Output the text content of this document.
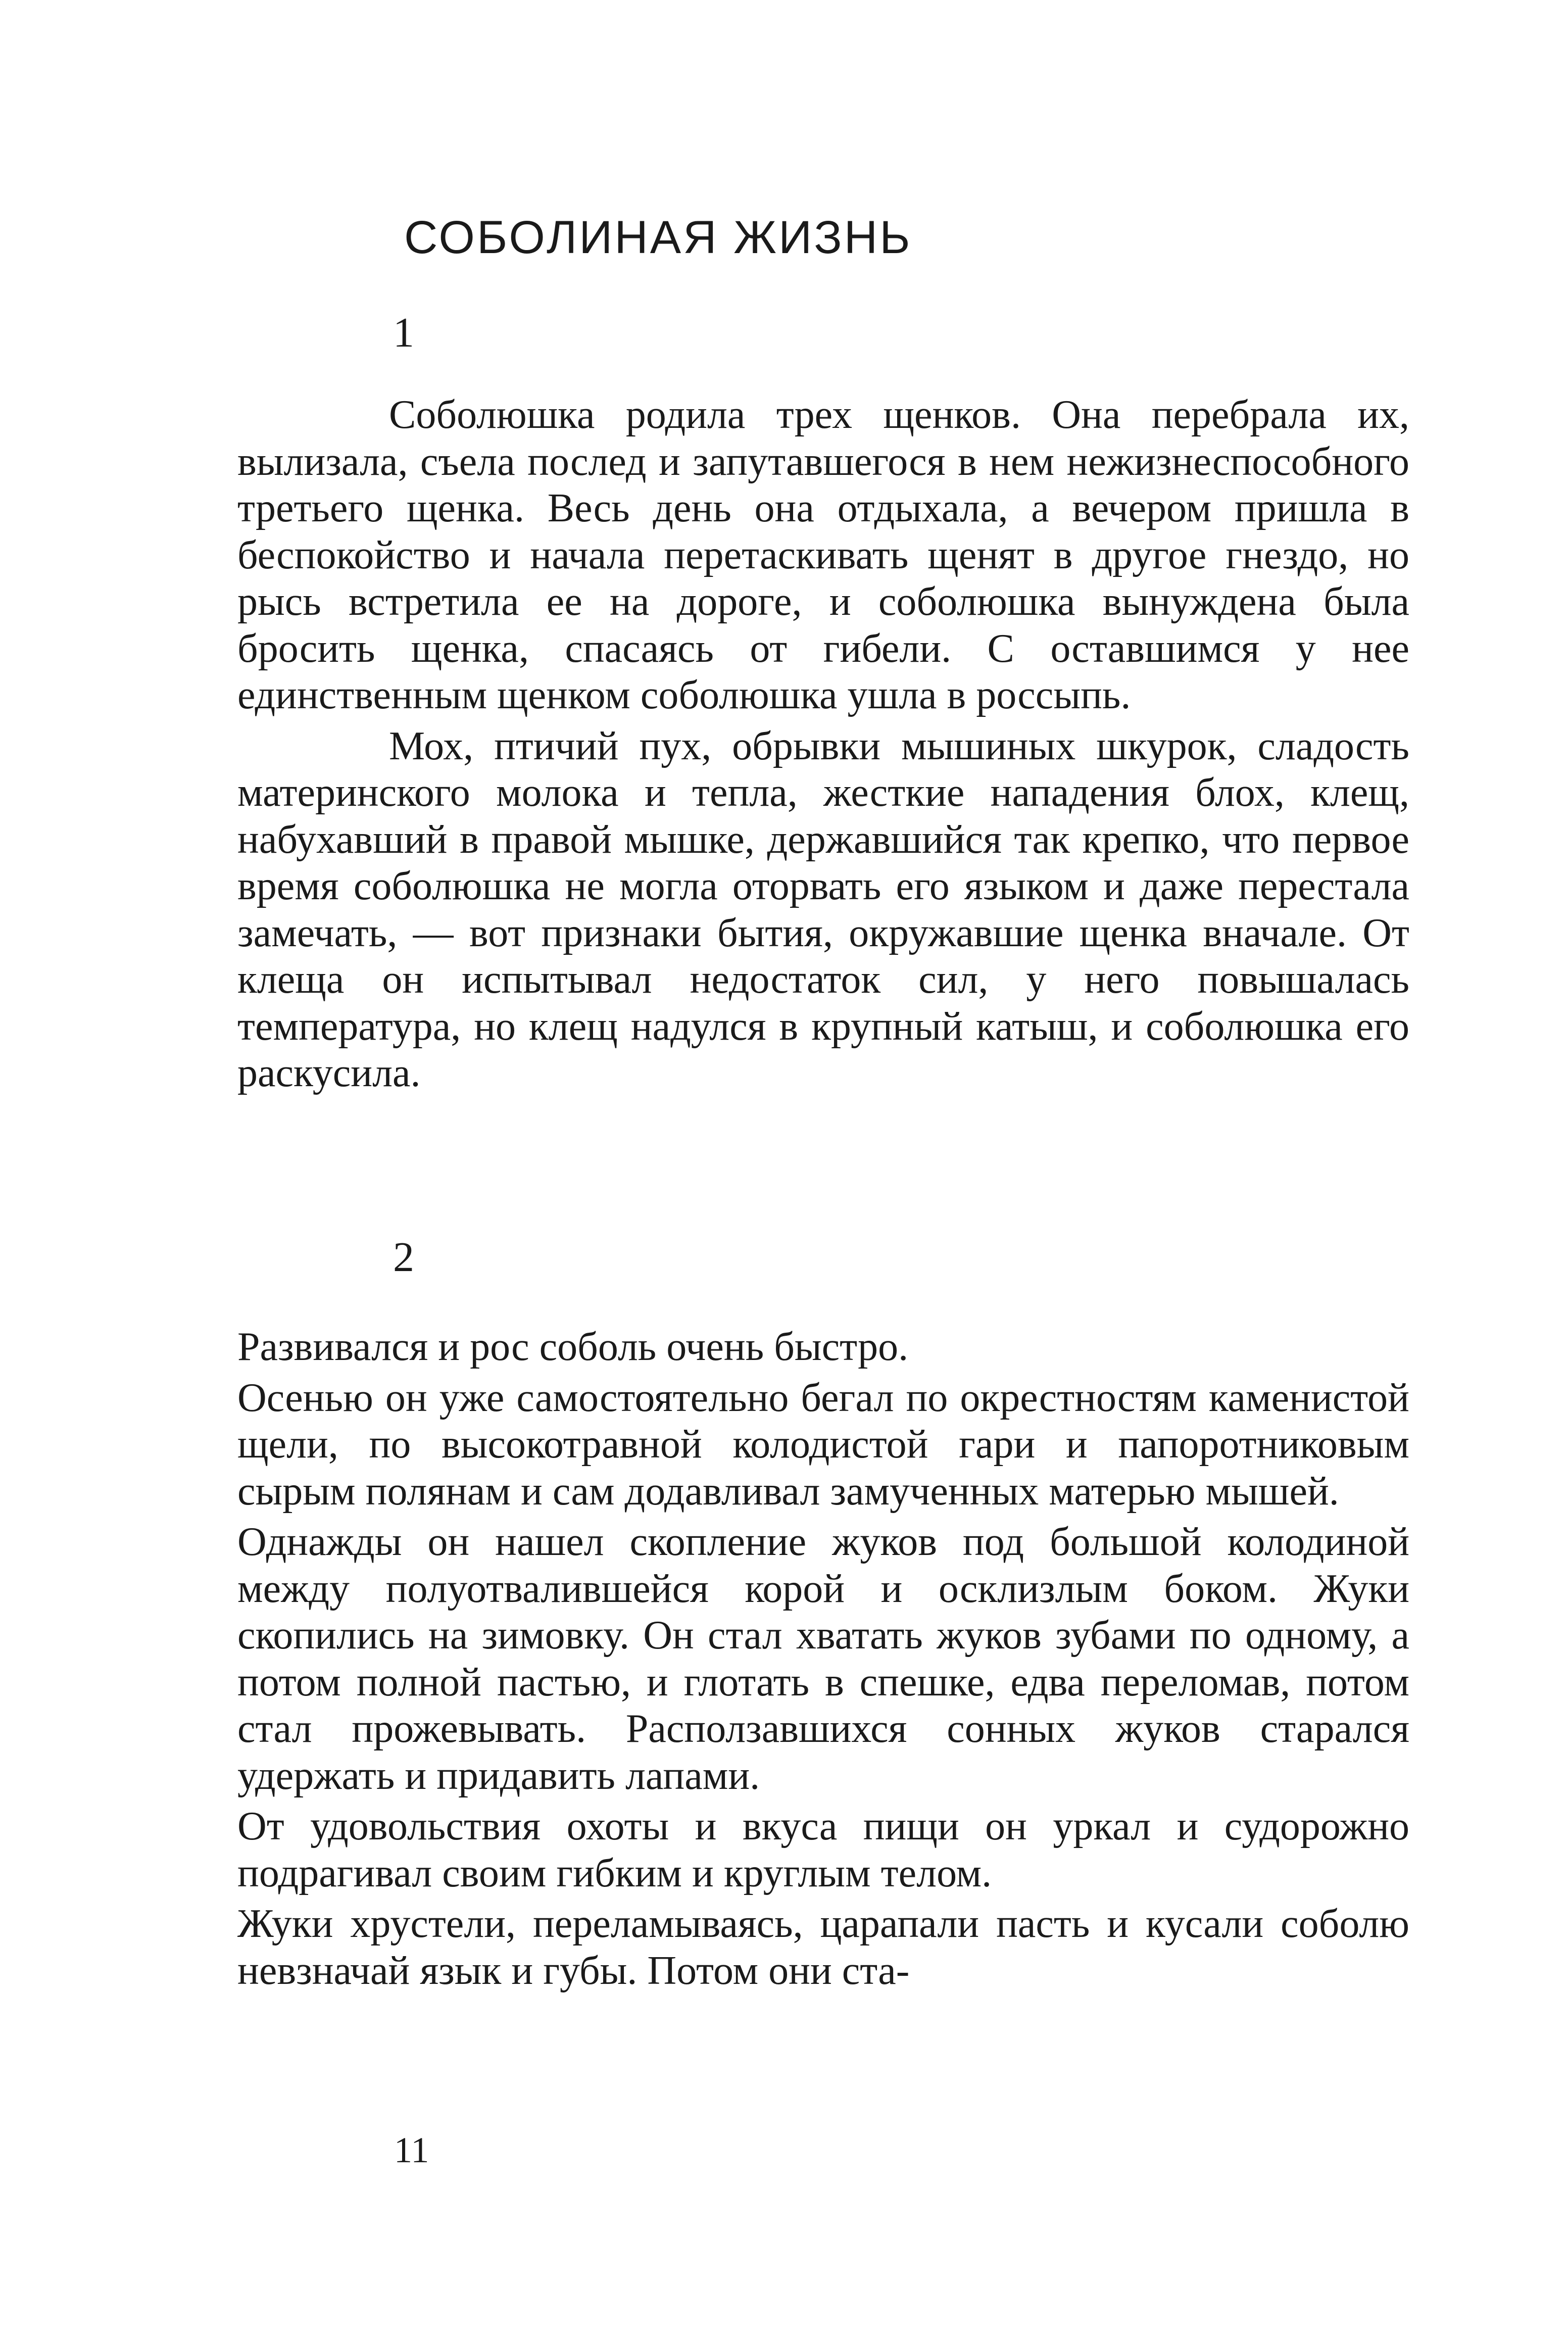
СОБОЛИНАЯ ЖИЗНЬ
1

Соболюшка родила трех щенков. Она перебрала их, вылизала, съела послед и запутавшегося в нем нежизнеспособного третьего щенка. Весь день она отдыхала, а вечером пришла в беспокойство и начала перетаскивать щенят в другое гнездо, но рысь встретила ее на дороге, и соболюшка вынуждена была бросить щенка, спасаясь от гибели. С оставшимся у нее единственным щенком соболюшка ушла в россыпь.

Мох, птичий пух, обрывки мышиных шкурок, сладость материнского молока и тепла, жесткие нападения блох, клещ, набухавший в правой мышке, державшийся так крепко, что первое время соболюшка не могла оторвать его языком и даже перестала замечать, — вот признаки бытия, окружавшие щенка вначале. От клеща он испытывал недостаток сил, у него повышалась температура, но клещ надулся в крупный катыш, и соболюшка его раскусила.

2

Развивался и рос соболь очень быстро.

Осенью он уже самостоятельно бегал по окрестностям каменистой щели, по высокотравной колодистой гари и папоротниковым сырым полянам и сам додавливал замученных матерью мышей.

Однажды он нашел скопление жуков под большой колодиной между полуотвалившейся корой и осклизлым боком. Жуки скопились на зимовку. Он стал хватать жуков зубами по одному, а потом полной пастью, и глотать в спешке, едва переломав, потом стал прожевывать. Расползавшихся сонных жуков старался удержать и придавить лапами.

От удовольствия охоты и вкуса пищи он уркал и судорожно подрагивал своим гибким и круглым телом.

Жуки хрустели, переламываясь, царапали пасть и кусали соболю невзначай язык и губы. Потом они ста-

11
